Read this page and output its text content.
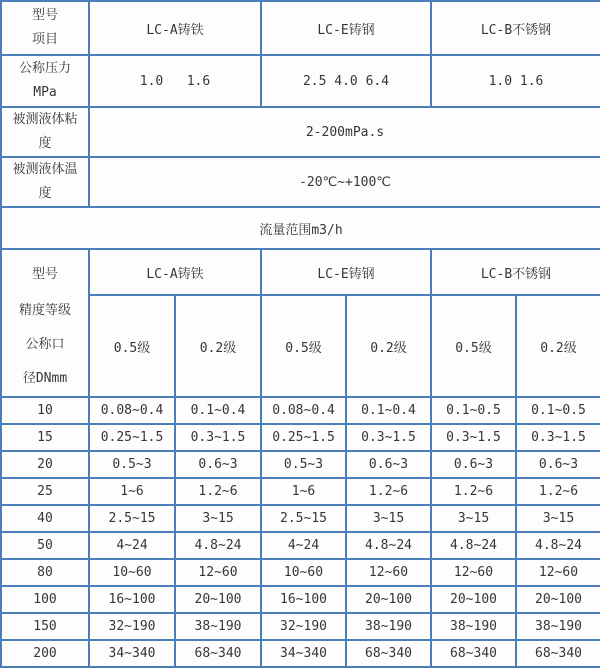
型号
项目	LC-A铸铁		LC-E铸钢		LC-B不锈钢	

公称压力
MPa	1.0   1.6		2.5 4.0 6.4		1.0 1.6	

被测液体粘
度	2-200mPa.s					

被测液体温
度	-20℃~+100℃					
流量范围m3/h						

型号
精度等级
公称口
径DNmm	LC-A铸铁		LC-E铸钢		LC-B不锈钢	
	0.5级	0.2级	0.5级	0.2级	0.5级	0.2级
10	0.08~0.4	0.1~0.4	0.08~0.4	0.1~0.4	0.1~0.5	0.1~0.5
15	0.25~1.5	0.3~1.5	0.25~1.5	0.3~1.5	0.3~1.5	0.3~1.5
20	0.5~3	0.6~3	0.5~3	0.6~3	0.6~3	0.6~3
25	1~6	1.2~6	1~6	1.2~6	1.2~6	1.2~6
40	2.5~15	3~15	2.5~15	3~15	3~15	3~15
50	4~24	4.8~24	4~24	4.8~24	4.8~24	4.8~24
80	10~60	12~60	10~60	12~60	12~60	12~60
100	16~100	20~100	16~100	20~100	20~100	20~100
150	32~190	38~190	32~190	38~190	38~190	38~190
200	34~340	68~340	34~340	68~340	68~340	68~340
